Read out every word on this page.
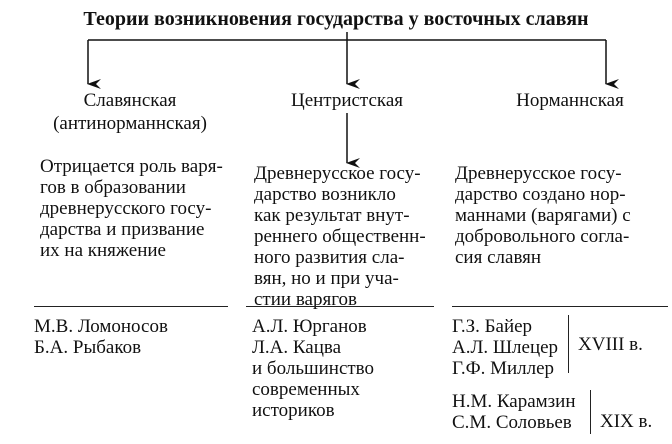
Теории возникновения государства у восточных славян
Славянская
(антинорманнская)
Отрицается роль варя-
гов в образовании
древнерусского госу-
дарства и призвание
их на княжение
М.В. Ломоносов
Б.А. Рыбаков
Центристская
Древнерусское госу-
дарство возникло
как результат внут-
реннего общественн-
ного развития сла-
вян, но и при уча-
стии варягов
А.Л. Юрганов
Л.А. Кацва
и большинство
современных
историков
Норманнская
Древнерусское госу-
дарство создано нор-
маннами (варягами) с
добровольного согла-
сия славян
Г.З. Байер
А.Л. Шлецер
Г.Ф. Миллер
XVIII в.
Н.М. Карамзин
С.М. Соловьев XIX в.
